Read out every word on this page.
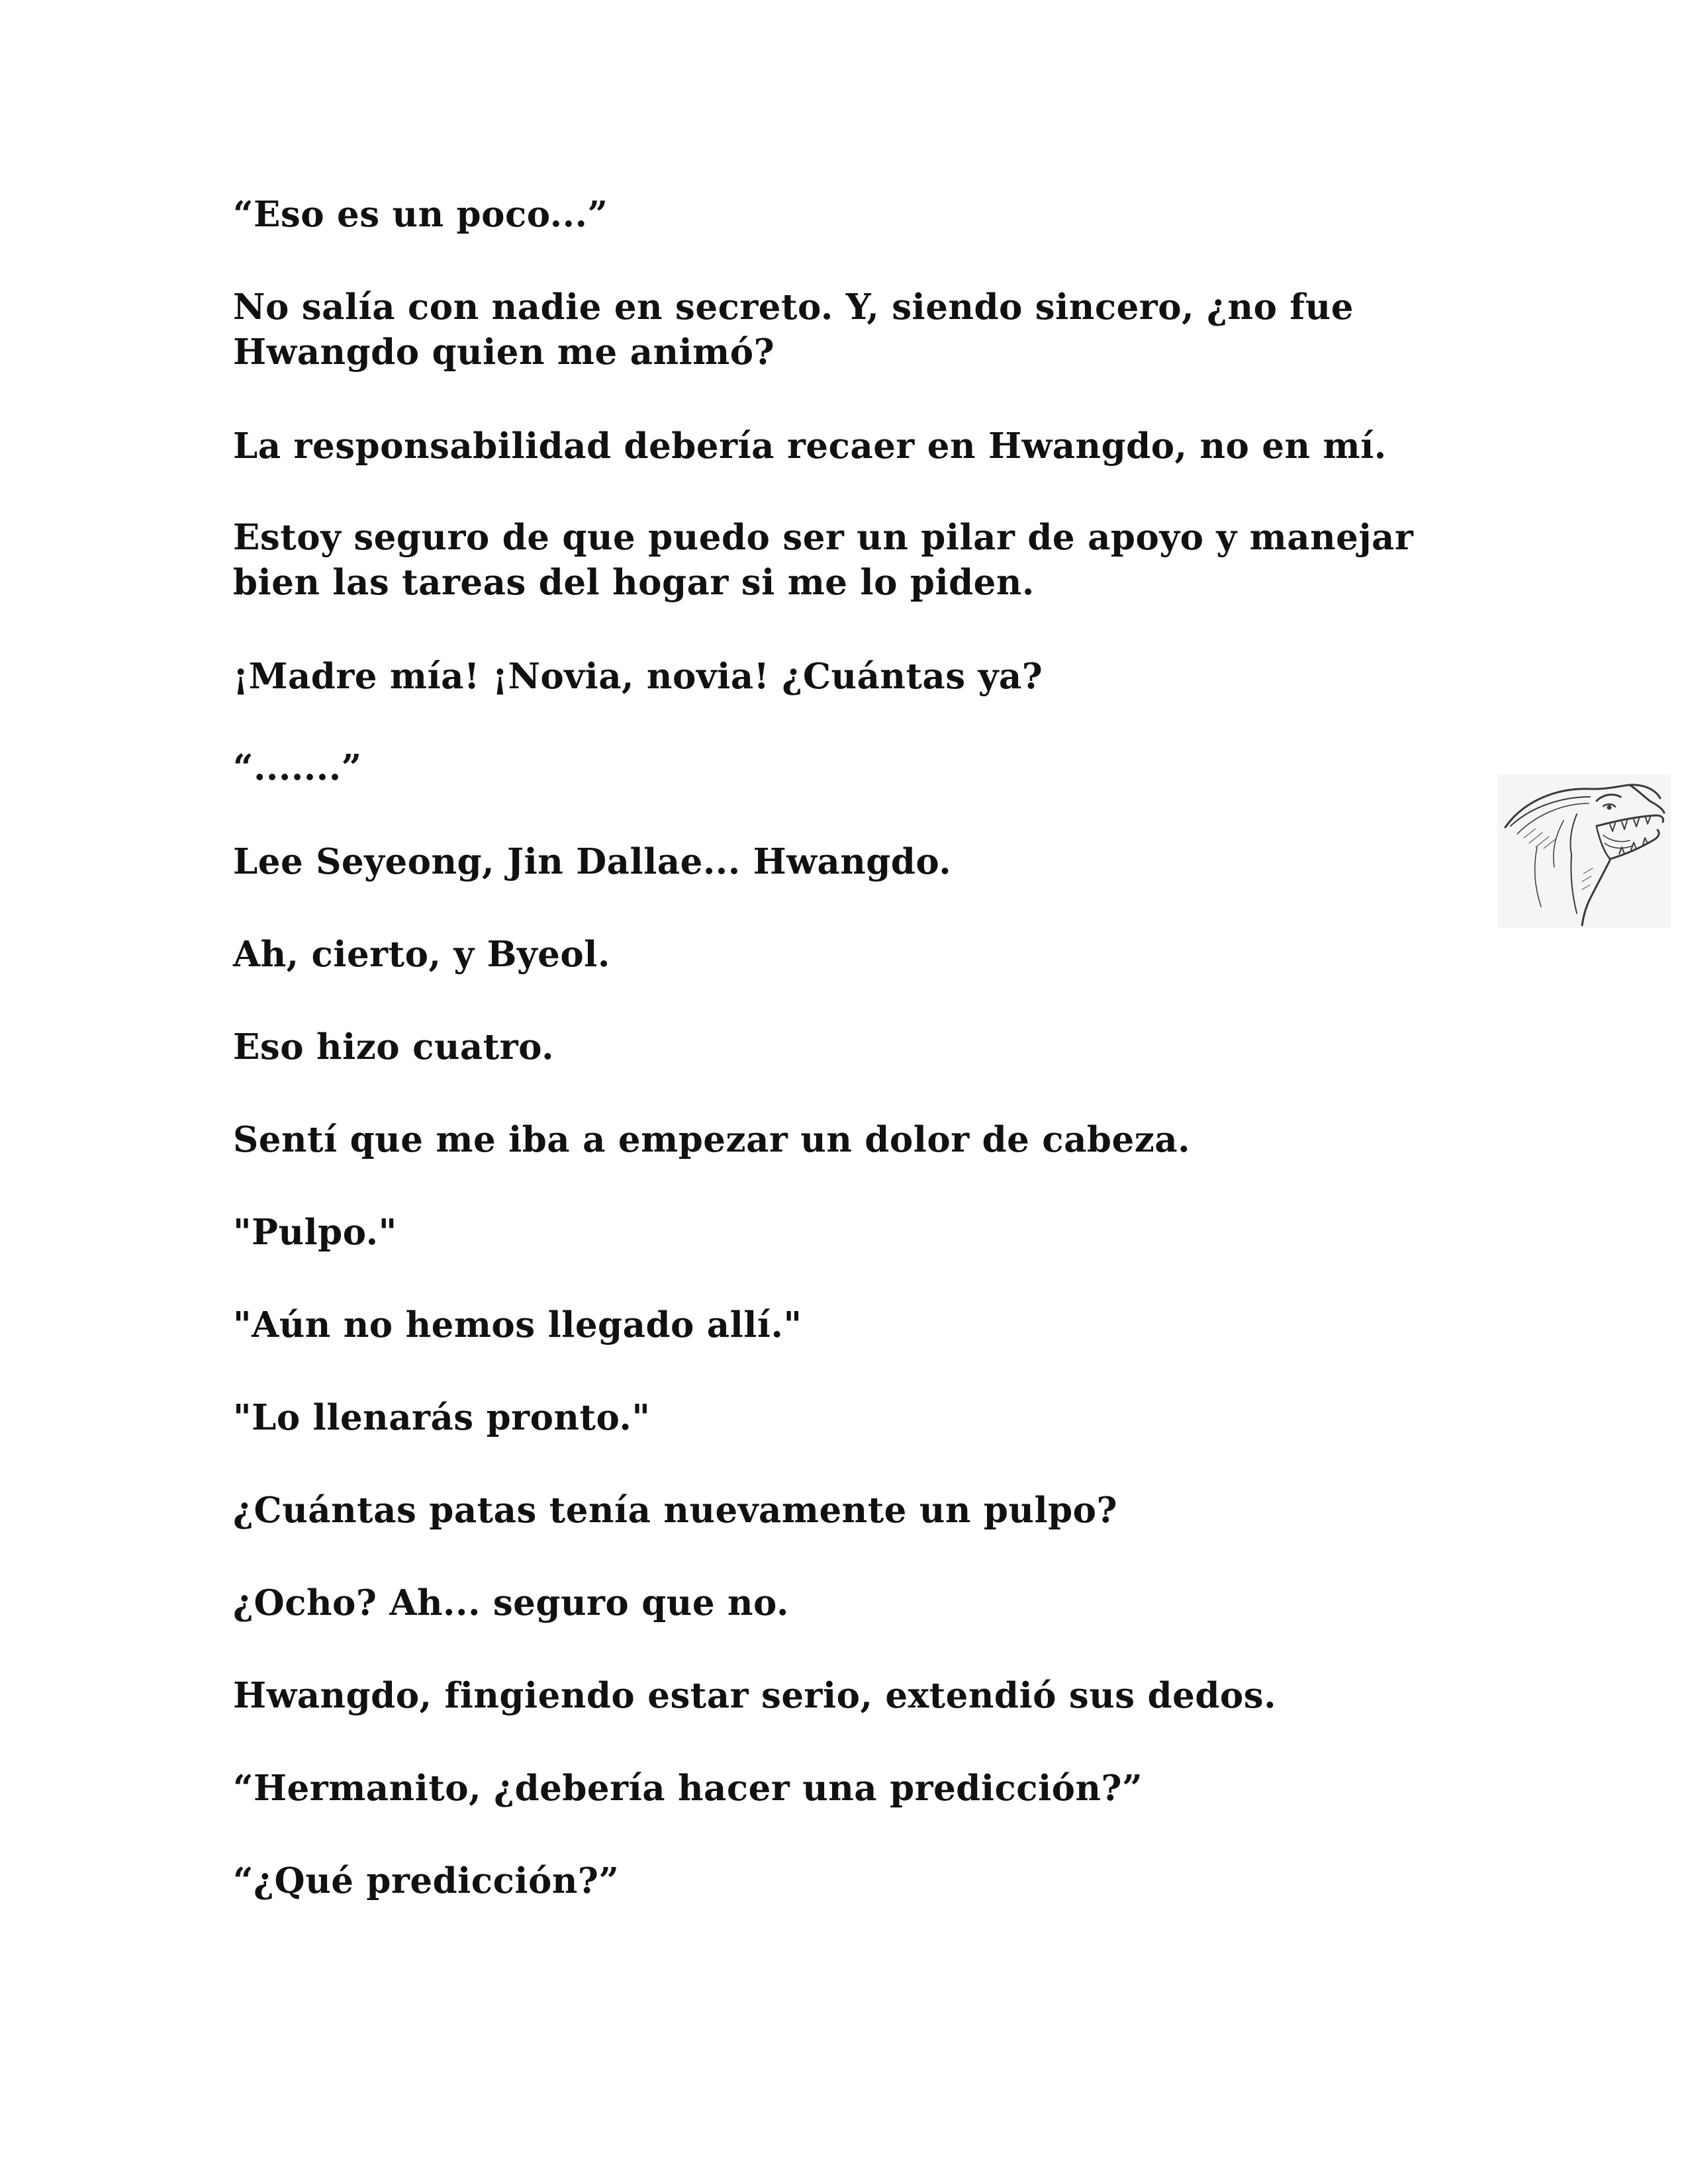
“Eso es un poco...”

No salía con nadie en secreto. Y, siendo sincero, ¿no fue
Hwangdo quien me animó?

La responsabilidad debería recaer en Hwangdo, no en mí.

Estoy seguro de que puedo ser un pilar de apoyo y manejar
bien las tareas del hogar si me lo piden.

¡Madre mía! ¡Novia, novia! ¿Cuántas ya?

“.......”

Lee Seyeong, Jin Dallae... Hwangdo.

Ah, cierto, y Byeol.

Eso hizo cuatro.

Sentí que me iba a empezar un dolor de cabeza.

"Pulpo."

"Aún no hemos llegado allí."

"Lo llenarás pronto."

¿Cuántas patas tenía nuevamente un pulpo?

¿Ocho? Ah... seguro que no.

Hwangdo, fingiendo estar serio, extendió sus dedos.

“Hermanito, ¿debería hacer una predicción?”

“¿Qué predicción?”
